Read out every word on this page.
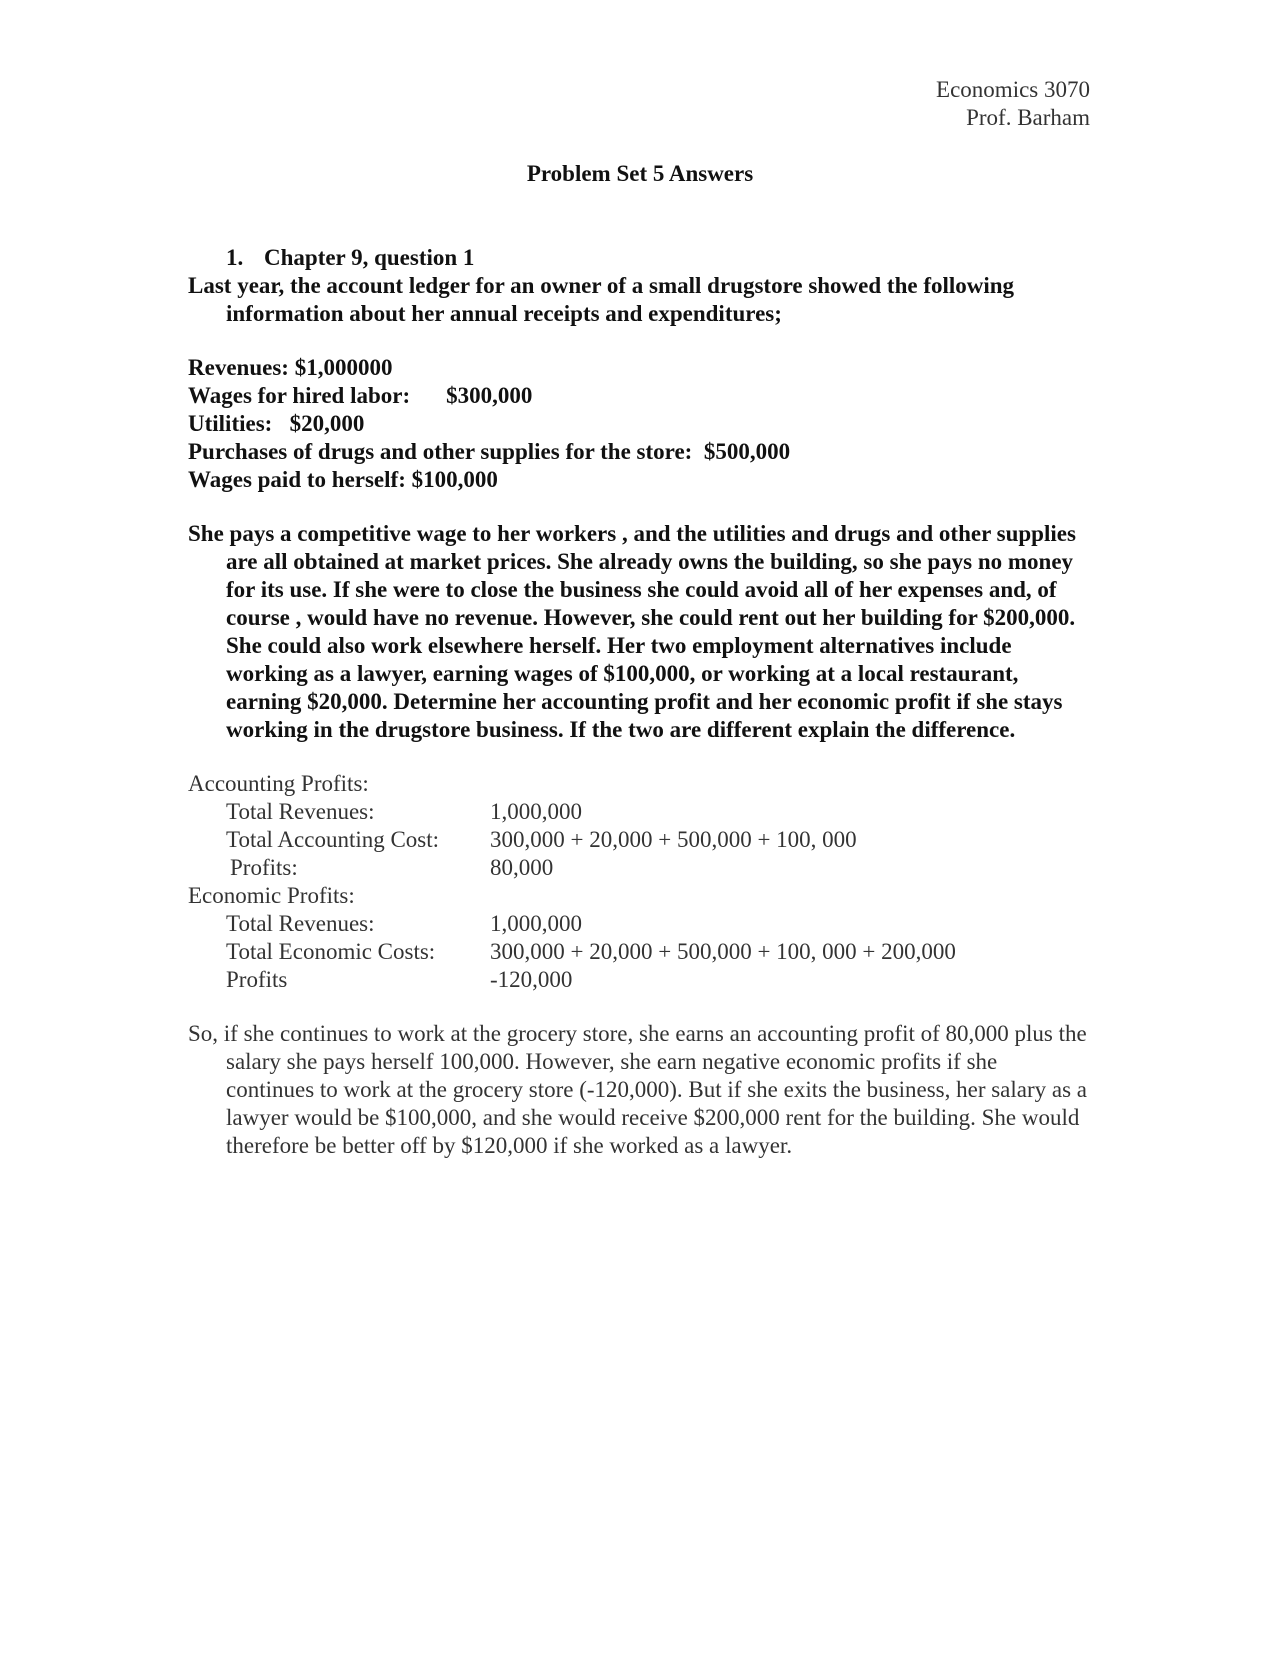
Economics 3070
Prof. Barham
Problem Set 5 Answers
1. Chapter 9, question 1
Last year, the account ledger for an owner of a small drugstore showed the following information about her annual receipts and expenditures;
Revenues: $1,000000
Wages for hired labor: $300,000
Utilities: $20,000
Purchases of drugs and other supplies for the store: $500,000
Wages paid to herself: $100,000
She pays a competitive wage to her workers , and the utilities and drugs and other supplies are all obtained at market prices. She already owns the building, so she pays no money for its use. If she were to close the business she could avoid all of her expenses and, of course , would have no revenue. However, she could rent out her building for $200,000. She could also work elsewhere herself. Her two employment alternatives include working as a lawyer, earning wages of $100,000, or working at a local restaurant, earning $20,000. Determine her accounting profit and her economic profit if she stays working in the drugstore business. If the two are different explain the difference.
Accounting Profits:
Total Revenues:	1,000,000
Total Accounting Cost:	300,000 + 20,000 + 500,000 + 100, 000
Profits:	80,000
Economic Profits:
Total Revenues:	1,000,000
Total Economic Costs:	300,000 + 20,000 + 500,000 + 100, 000 + 200,000
Profits	-120,000
So, if she continues to work at the grocery store, she earns an accounting profit of 80,000 plus the salary she pays herself 100,000. However, she earn negative economic profits if she continues to work at the grocery store (-120,000). But if she exits the business, her salary as a lawyer would be $100,000, and she would receive $200,000 rent for the building. She would therefore be better off by $120,000 if she worked as a lawyer.
